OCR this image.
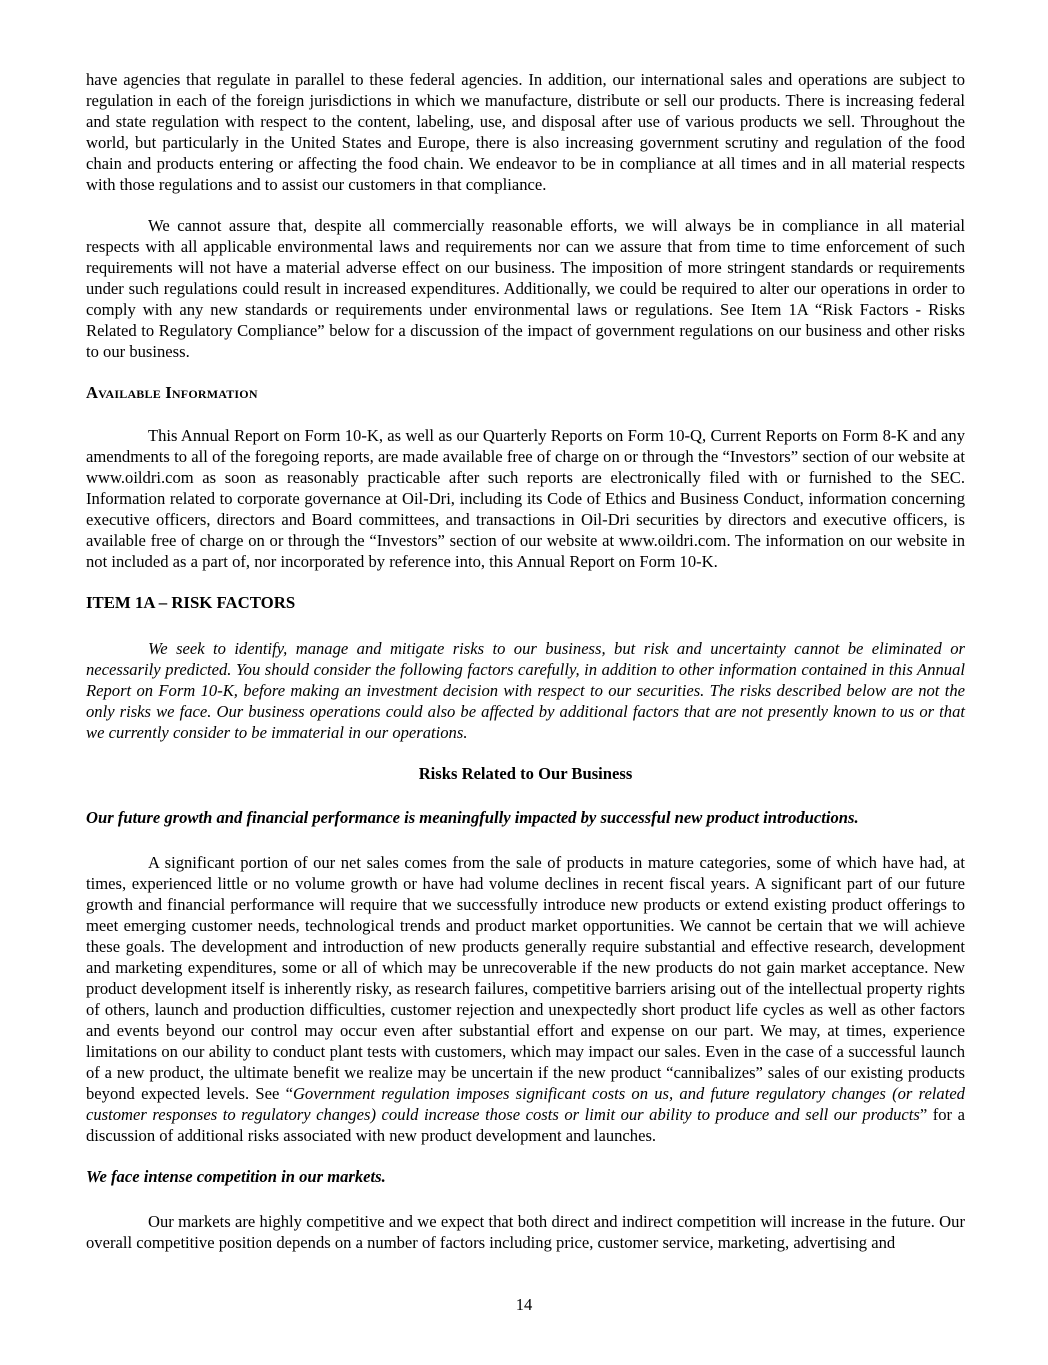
have agencies that regulate in parallel to these federal agencies. In addition, our international sales and operations are subject to regulation in each of the foreign jurisdictions in which we manufacture, distribute or sell our products. There is increasing federal and state regulation with respect to the content, labeling, use, and disposal after use of various products we sell. Throughout the world, but particularly in the United States and Europe, there is also increasing government scrutiny and regulation of the food chain and products entering or affecting the food chain. We endeavor to be in compliance at all times and in all material respects with those regulations and to assist our customers in that compliance.

We cannot assure that, despite all commercially reasonable efforts, we will always be in compliance in all material respects with all applicable environmental laws and requirements nor can we assure that from time to time enforcement of such requirements will not have a material adverse effect on our business. The imposition of more stringent standards or requirements under such regulations could result in increased expenditures. Additionally, we could be required to alter our operations in order to comply with any new standards or requirements under environmental laws or regulations. See Item 1A “Risk Factors - Risks Related to Regulatory Compliance” below for a discussion of the impact of government regulations on our business and other risks to our business.

Available Information

This Annual Report on Form 10-K, as well as our Quarterly Reports on Form 10-Q, Current Reports on Form 8-K and any amendments to all of the foregoing reports, are made available free of charge on or through the “Investors” section of our website at www.oildri.com as soon as reasonably practicable after such reports are electronically filed with or furnished to the SEC. Information related to corporate governance at Oil-Dri, including its Code of Ethics and Business Conduct, information concerning executive officers, directors and Board committees, and transactions in Oil-Dri securities by directors and executive officers, is available free of charge on or through the “Investors” section of our website at www.oildri.com. The information on our website in not included as a part of, nor incorporated by reference into, this Annual Report on Form 10-K.

ITEM 1A – RISK FACTORS

We seek to identify, manage and mitigate risks to our business, but risk and uncertainty cannot be eliminated or necessarily predicted. You should consider the following factors carefully, in addition to other information contained in this Annual Report on Form 10-K, before making an investment decision with respect to our securities. The risks described below are not the only risks we face. Our business operations could also be affected by additional factors that are not presently known to us or that we currently consider to be immaterial in our operations.

Risks Related to Our Business

Our future growth and financial performance is meaningfully impacted by successful new product introductions.

A significant portion of our net sales comes from the sale of products in mature categories, some of which have had, at times, experienced little or no volume growth or have had volume declines in recent fiscal years. A significant part of our future growth and financial performance will require that we successfully introduce new products or extend existing product offerings to meet emerging customer needs, technological trends and product market opportunities. We cannot be certain that we will achieve these goals. The development and introduction of new products generally require substantial and effective research, development and marketing expenditures, some or all of which may be unrecoverable if the new products do not gain market acceptance. New product development itself is inherently risky, as research failures, competitive barriers arising out of the intellectual property rights of others, launch and production difficulties, customer rejection and unexpectedly short product life cycles as well as other factors and events beyond our control may occur even after substantial effort and expense on our part. We may, at times, experience limitations on our ability to conduct plant tests with customers, which may impact our sales. Even in the case of a successful launch of a new product, the ultimate benefit we realize may be uncertain if the new product “cannibalizes” sales of our existing products beyond expected levels. See “Government regulation imposes significant costs on us, and future regulatory changes (or related customer responses to regulatory changes) could increase those costs or limit our ability to produce and sell our products” for a discussion of additional risks associated with new product development and launches.

We face intense competition in our markets.

Our markets are highly competitive and we expect that both direct and indirect competition will increase in the future. Our overall competitive position depends on a number of factors including price, customer service, marketing, advertising and

14
